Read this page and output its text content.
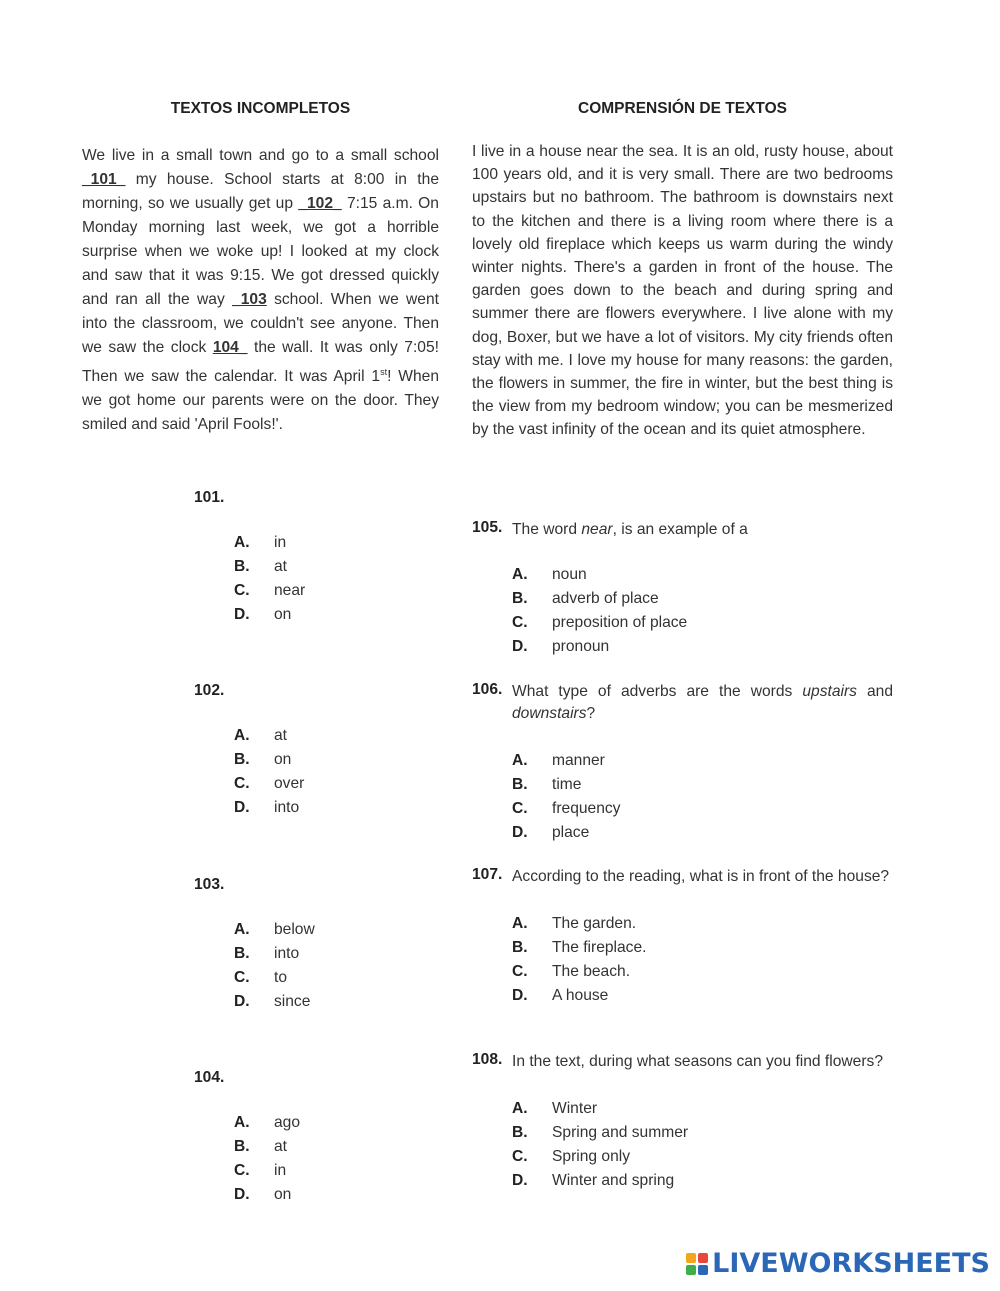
TEXTOS INCOMPLETOS

We live in a small town and go to a small school _101_ my house. School starts at 8:00 in the morning, so we usually get up _102_ 7:15 a.m. On Monday morning last week, we got a horrible surprise when we woke up! I looked at my clock and saw that it was 9:15. We got dressed quickly and ran all the way _103 school. When we went into the classroom, we couldn't see anyone. Then we saw the clock 104_ the wall. It was only 7:05! Then we saw the calendar. It was April 1st! When we got home our parents were on the door. They smiled and said 'April Fools!'.

101.
A.	in
B.	at
C.	near
D.	on
102.
A.	at
B.	on
C.	over
D.	into
103.
A.	below
B.	into
C.	to
D.	since
104.
A.	ago
B.	at
C.	in
D.	on
COMPRENSIÓN DE TEXTOS

I live in a house near the sea. It is an old, rusty house, about 100 years old, and it is very small. There are two bedrooms upstairs but no bathroom. The bathroom is downstairs next to the kitchen and there is a living room where there is a lovely old fireplace which keeps us warm during the windy winter nights. There's a garden in front of the house. The garden goes down to the beach and during spring and summer there are flowers everywhere. I live alone with my dog, Boxer, but we have a lot of visitors. My city friends often stay with me. I love my house for many reasons: the garden, the flowers in summer, the fire in winter, but the best thing is the view from my bedroom window; you can be mesmerized by the vast infinity of the ocean and its quiet atmosphere.

105. The word near, is an example of a
A.	noun
B.	adverb of place
C.	preposition of place
D.	pronoun
106. What type of adverbs are the words upstairs and downstairs?
A.	manner
B.	time
C.	frequency
D.	place
107. According to the reading, what is in front of the house?
A.	The garden.
B.	The fireplace.
C.	The beach.
D.	A house
108. In the text, during what seasons can you find flowers?
A.	Winter
B.	Spring and summer
C.	Spring only
D.	Winter and spring
LIVEWORKSHEETS
